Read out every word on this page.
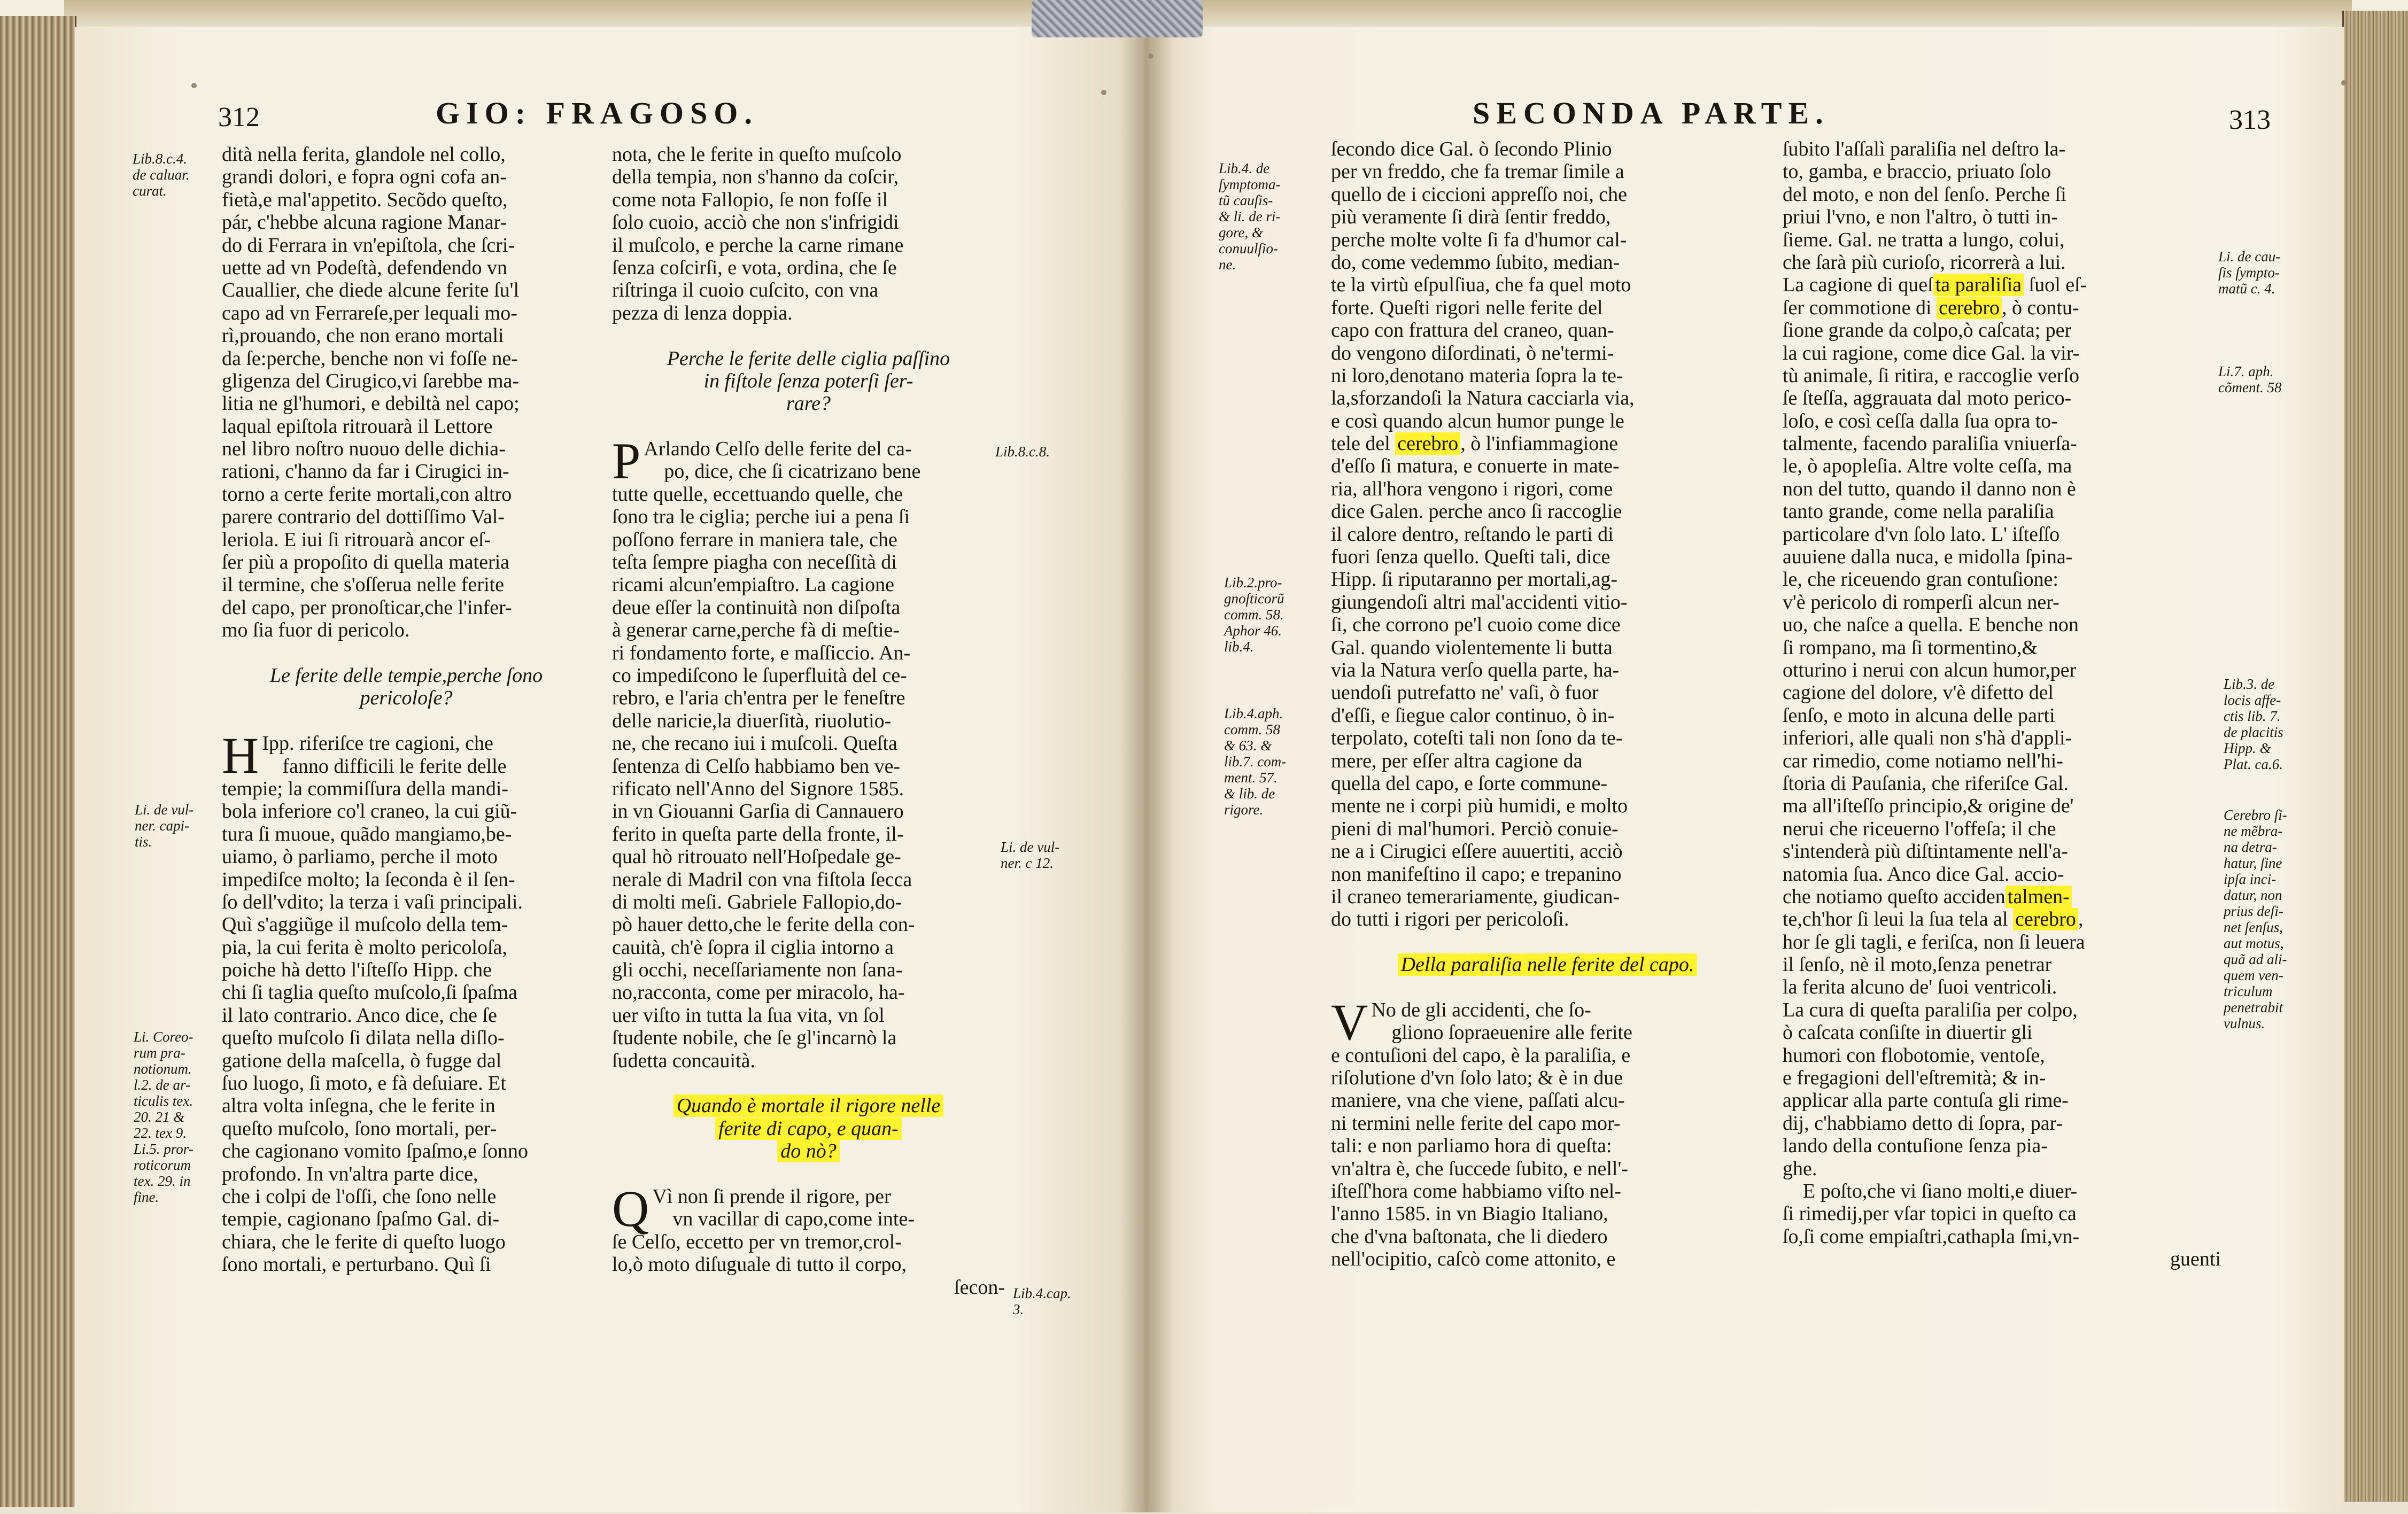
312	GIO: FRAGOSO.	SECONDA PARTE.	313
dità nella ferita, glandole nel collo,
grandi dolori, e fopra ogni cofa an-
fietà,e mal'appetito. Secõdo queſto,
pár, c'hebbe alcuna ragione Manar-
do di Ferrara in vn'epiſtola, che ſcri-
uette ad vn Podeſtà, defendendo vn
Cauallier, che diede alcune ferite ſu'l
capo ad vn Ferrareſe,per lequali mo-
rì,prouando, che non erano mortali
da ſe:perche, benche non vi foſſe ne-
gligenza del Cirugico,vi ſarebbe ma-
litia ne gl'humori, e debiltà nel capo;
laqual epiſtola ritrouarà il Lettore
nel libro noſtro nuouo delle dichia-
rationi, c'hanno da far i Cirugici in-
torno a certe ferite mortali,con altro
parere contrario del dottiſſimo Val-
leriola. E iui ſi ritrouarà ancor eſ-
ſer più a propoſito di quella materia
il termine, che s'oſſerua nelle ferite
del capo, per pronoſticar,che l'infer-
mo ſia fuor di pericolo.
Le ferite delle tempie,perche ſono
pericoloſe?
H Ipp. riferiſce tre cagioni, che
fanno difficili le ferite delle
tempie; la commiſſura della mandi-
bola inferiore co'l craneo, la cui giũ-
tura ſi muoue, quãdo mangiamo,be-
uiamo, ò parliamo, perche il moto
impediſce molto; la ſeconda è il ſen-
ſo dell'vdito; la terza i vaſi principali.
Quì s'aggiũge il muſcolo della tem-
pia, la cui ferita è molto pericoloſa,
poiche hà detto l'iſteſſo Hipp. che
chi ſi taglia queſto muſcolo,ſi ſpaſma
il lato contrario. Anco dice, che ſe
queſto muſcolo ſi dilata nella diſlo-
gatione della maſcella, ò fugge dal
ſuo luogo, ſi moto, e fà deſuiare. Et
altra volta inſegna, che le ferite in
queſto muſcolo, ſono mortali, per-
che cagionano vomito ſpaſmo,e ſonno
profondo. In vn'altra parte dice,
che i colpi de l'oſſi, che ſono nelle
tempie, cagionano ſpaſmo Gal. di-
chiara, che le ferite di queſto luogo
ſono mortali, e perturbano. Quì ſi
nota, che le ferite in queſto muſcolo
della tempia, non s'hanno da coſcir,
come nota Fallopio, ſe non foſſe il
ſolo cuoio, acciò che non s'infrigidi
il muſcolo, e perche la carne rimane
ſenza coſcirſi, e vota, ordina, che ſe
riſtringa il cuoio cuſcito, con vna
pezza di lenza doppia.
Perche le ferite delle ciglia paſſino
in fiſtole ſenza poterſi ſer-
rare?
P Arlando Celſo delle ferite del ca-
po, dice, che ſi cicatrizano bene
tutte quelle, eccettuando quelle, che
ſono tra le ciglia; perche iui a pena ſi
poſſono ferrare in maniera tale, che
teſta ſempre piagha con neceſſità di
ricami alcun'empiaſtro. La cagione
deue eſſer la continuità non diſpoſta
à generar carne,perche fà di meſtie-
ri fondamento forte, e maſſiccio. An-
co impediſcono le ſuperfluità del ce-
rebro, e l'aria ch'entra per le feneſtre
delle naricie,la diuerſità, riuolutio-
ne, che recano iui i muſcoli. Queſta
ſentenza di Celſo habbiamo ben ve-
rificato nell'Anno del Signore 1585.
in vn Giouanni Garſia di Cannauero
ferito in queſta parte della fronte, il-
qual hò ritrouato nell'Hoſpedale ge-
nerale di Madril con vna fiſtola ſecca
di molti meſi. Gabriele Fallopio,do-
pò hauer detto,che le ferite della con-
cauità, ch'è ſopra il ciglia intorno a
gli occhi, neceſſariamente non ſana-
no,racconta, come per miracolo, ha-
uer viſto in tutta la ſua vita, vn ſol
ſtudente nobile, che ſe gl'incarnò la
ſudetta concauità.
Quando è mortale il rigore nelle
ferite di capo, e quan-
do nò?
Q Vì non ſi prende il rigore, per
vn vacillar di capo,come inte-
ſe Celſo, eccetto per vn tremor,crol-
lo,ò moto diſuguale di tutto il corpo,
ſecon-
ſecondo dice Gal. ò ſecondo Plinio
per vn freddo, che fa tremar ſimile a
quello de i ciccioni appreſſo noi, che
più veramente ſi dirà ſentir freddo,
perche molte volte ſi fa d'humor cal-
do, come vedemmo ſubito, median-
te la virtù eſpulſiua, che fa quel moto
forte. Queſti rigori nelle ferite del
capo con frattura del craneo, quan-
do vengono diſordinati, ò ne'termi-
ni loro,denotano materia ſopra la te-
la,sforzandoſi la Natura cacciarla via,
e così quando alcun humor punge le
tele del cerebro , ò l'infiammagione
d'eſſo ſi matura, e conuerte in mate-
ria, all'hora vengono i rigori, come
dice Galen. perche anco ſi raccoglie
il calore dentro, reſtando le parti di
fuori ſenza quello. Queſti tali, dice
Hipp. ſi riputaranno per mortali,ag-
giungendoſi altri mal'accidenti vitio-
ſi, che corrono pe'l cuoio come dice
Gal. quando violentemente li butta
via la Natura verſo quella parte, ha-
uendoſi putrefatto ne' vaſi, ò fuor
d'eſſi, e ſiegue calor continuo, ò in-
terpolato, coteſti tali non ſono da te-
mere, per eſſer altra cagione da
quella del capo, e ſorte commune-
mente ne i corpi più humidi, e molto
pieni di mal'humori. Perciò conuie-
ne a i Cirugici eſſere auuertiti, acciò
non manifeſtino il capo; e trepanino
il craneo temerariamente, giudican-
do tutti i rigori per pericoloſi.
Della paraliſia nelle ferite del capo.
V No de gli accidenti, che ſo-
gliono ſopraeuenire alle ferite
e contuſioni del capo, è la paraliſia, e
riſolutione d'vn ſolo lato; & è in due
maniere, vna che viene, paſſati alcu-
ni termini nelle ferite del capo mor-
tali: e non parliamo hora di queſta:
vn'altra è, che ſuccede ſubito, e nell'-
iſteſſ'hora come habbiamo viſto nel-
l'anno 1585. in vn Biagio Italiano,
che d'vna baſtonata, che li diedero
nell'ocipitio, caſcò come attonito, e
ſubito l'aſſalì paraliſia nel deſtro la-
to, gamba, e braccio, priuato ſolo
del moto, e non del ſenſo. Perche ſi
priui l'vno, e non l'altro, ò tutti in-
ſieme. Gal. ne tratta a lungo, colui,
che ſarà più curioſo, ricorrerà a lui.
La cagione di queſ ta paraliſia ſuol eſ-
ſer commotione di cerebro , ò contu-
ſione grande da colpo,ò caſcata; per
la cui ragione, come dice Gal. la vir-
tù animale, ſi ritira, e raccoglie verſo
ſe ſteſſa, aggrauata dal moto perico-
loſo, e così ceſſa dalla ſua opra to-
talmente, facendo paraliſia vniuerſa-
le, ò apopleſia. Altre volte ceſſa, ma
non del tutto, quando il danno non è
tanto grande, come nella paraliſia
particolare d'vn ſolo lato. L' iſteſſo
auuiene dalla nuca, e midolla ſpina-
le, che riceuendo gran contuſione:
v'è pericolo di romperſi alcun ner-
uo, che naſce a quella. E benche non
ſi rompano, ma ſi tormentino,&
otturino i nerui con alcun humor,per
cagione del dolore, v'è difetto del
ſenſo, e moto in alcuna delle parti
inferiori, alle quali non s'hà d'appli-
car rimedio, come notiamo nell'hi-
ſtoria di Pauſania, che riferiſce Gal.
ma all'iſteſſo principio,& origine de'
nerui che riceuerno l'offeſa; il che
s'intenderà più diſtintamente nell'a-
natomia ſua. Anco dice Gal. accio-
che notiamo queſto acciden talmen-
te,ch'hor ſi leui la ſua tela al cerebro ,
hor ſe gli tagli, e feriſca, non ſi leuera
il ſenſo, nè il moto,ſenza penetrar
la ferita alcuno de' ſuoi ventricoli.
La cura di queſta paraliſia per colpo,
ò caſcata conſiſte in diuertir gli
humori con flobotomie, ventoſe,
e fregagioni dell'eſtremità; & in-
applicar alla parte contuſa gli rime-
dij, c'habbiamo detto di ſopra, par-
lando della contuſione ſenza pia-
ghe.
E poſto,che vi ſiano molti,e diuer-
ſi rimedij,per vſar topici in queſto ca
ſo,ſi come empiaſtri,cathapla ſmi,vn-
guenti
Lib.8.c.4.
de caluar.
curat.
Li. de vul-
ner. capi-
tis.
Li. Coreo-
rum pra-
notionum.
l.2. de ar-
ticulis tex.
20. 21 &
22. tex 9.
Li.5. pror-
roticorum
tex. 29. in
fine.
Lib.8.c.8.
Li. de vul-
ner. c 12.
Lib.4.cap.
3.
Lib.4. de
ſymptoma-
tũ cauſis-
& li. de ri-
gore, &
conuulſio-
ne.
Lib.2.pro-
gnoſticorũ
comm. 58.
Aphor 46.
lib.4.
Lib.4.aph.
comm. 58
& 63. &
lib.7. com-
ment. 57.
& lib. de
rigore.
Li. de cau-
ſis ſympto-
matũ c. 4.
Li.7. aph.
cõment. 58
Lib.3. de
locis affe-
ctis lib. 7.
de placitis
Hipp. &
Plat. ca.6.
Cerebro ſi-
ne mẽbra-
na detra-
hatur, ſine
ipſa inci-
datur, non
prius deſi-
net ſenſus,
aut motus,
quã ad ali-
quem ven-
triculum
penetrabit
vulnus.
